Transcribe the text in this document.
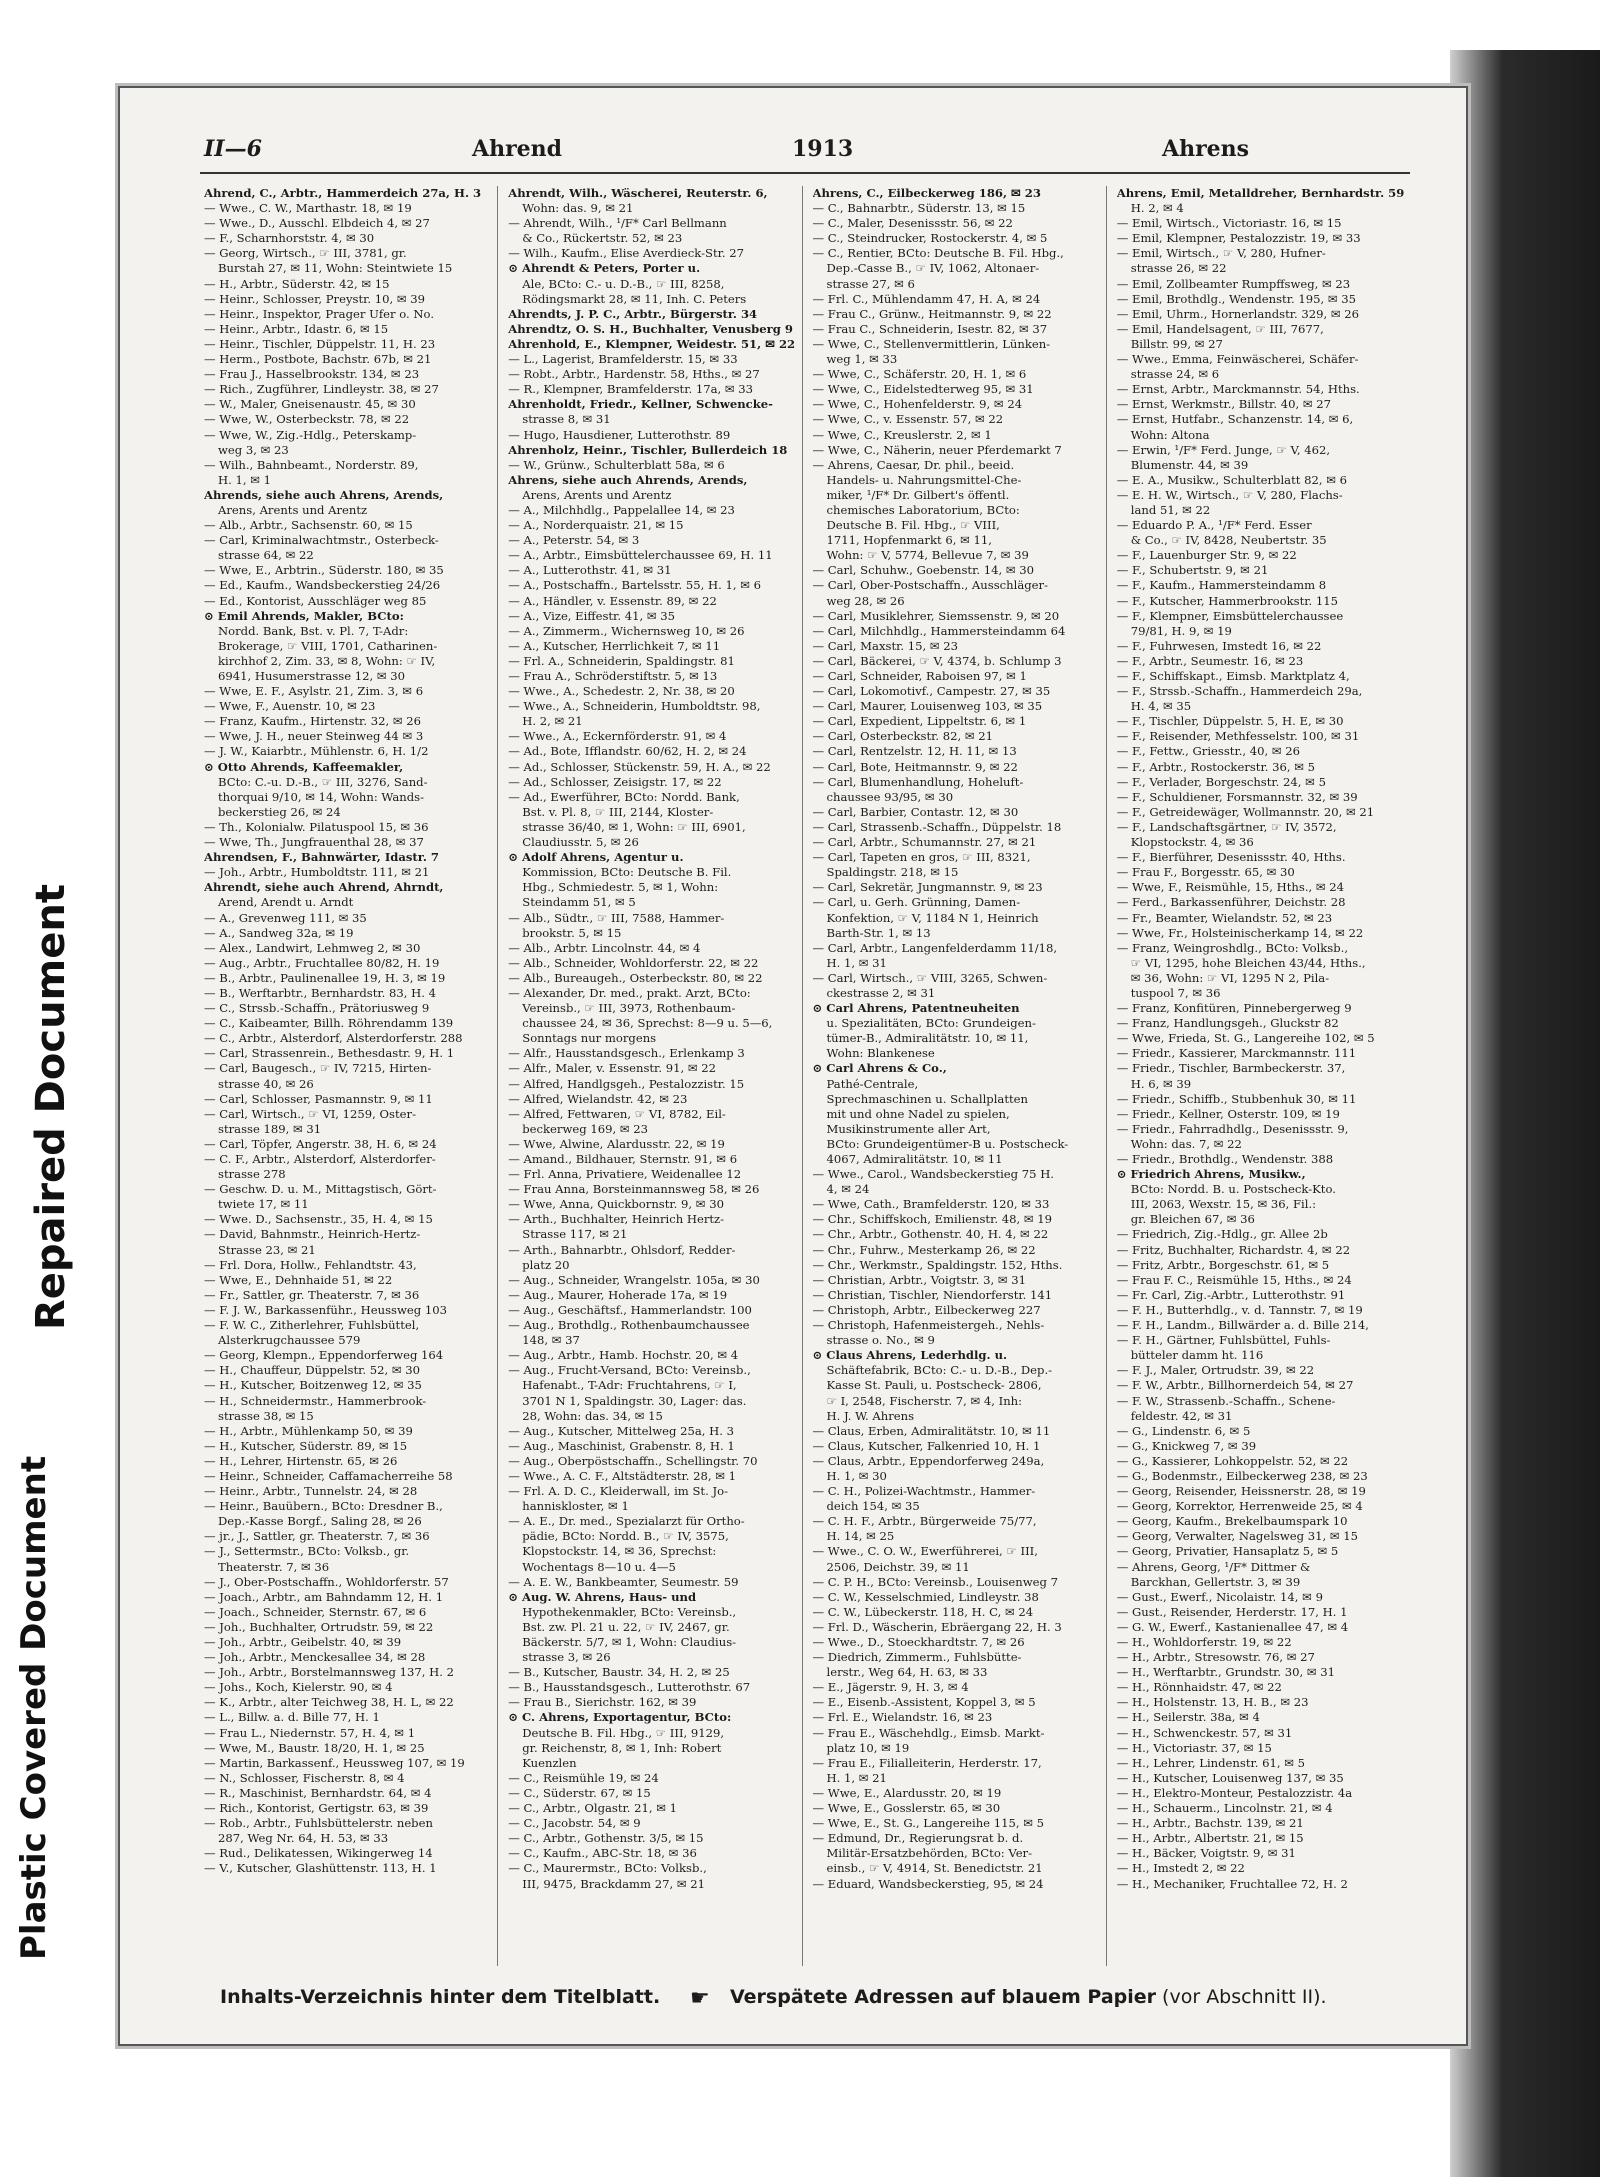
Repaired Document
Plastic Covered Document
II—6	Ahrend	1913	Ahrens
Ahrend, C., Arbtr., Hammerdeich 27a, H. 3
— Wwe., C. W., Marthastr. 18, ✉ 19
— Wwe., D., Ausschl. Elbdeich 4, ✉ 27
— F., Scharnhorststr. 4, ✉ 30
— Georg, Wirtsch., ☞ III, 3781, gr.
Burstah 27, ✉ 11, Wohn: Steintwiete 15
— H., Arbtr., Süderstr. 42, ✉ 15
— Heinr., Schlosser, Preystr. 10, ✉ 39
— Heinr., Inspektor, Prager Ufer o. No.
— Heinr., Arbtr., Idastr. 6, ✉ 15
— Heinr., Tischler, Düppelstr. 11, H. 23
— Herm., Postbote, Bachstr. 67b, ✉ 21
— Frau J., Hasselbrookstr. 134, ✉ 23
— Rich., Zugführer, Lindleystr. 38, ✉ 27
— W., Maler, Gneisenaustr. 45, ✉ 30
— Wwe, W., Osterbeckstr. 78, ✉ 22
— Wwe, W., Zig.-Hdlg., Peterskamp-
weg 3, ✉ 23
— Wilh., Bahnbeamt., Norderstr. 89,
H. 1, ✉ 1
Ahrends, siehe auch Ahrens, Arends,
Arens, Arents und Arentz
— Alb., Arbtr., Sachsenstr. 60, ✉ 15
— Carl, Kriminalwachtmstr., Osterbeck-
strasse 64, ✉ 22
— Wwe, E., Arbtrin., Süderstr. 180, ✉ 35
— Ed., Kaufm., Wandsbeckerstieg 24/26
— Ed., Kontorist, Ausschläger weg 85
⊙ Emil Ahrends, Makler, BCto:
Nordd. Bank, Bst. v. Pl. 7, T-Adr:
Brokerage, ☞ VIII, 1701, Catharinen-
kirchhof 2, Zim. 33, ✉ 8, Wohn: ☞ IV,
6941, Husumerstrasse 12, ✉ 30
— Wwe, E. F., Asylstr. 21, Zim. 3, ✉ 6
— Wwe, F., Auenstr. 10, ✉ 23
— Franz, Kaufm., Hirtenstr. 32, ✉ 26
— Wwe, J. H., neuer Steinweg 44 ✉ 3
— J. W., Kaiarbtr., Mühlenstr. 6, H. 1/2
⊙ Otto Ahrends, Kaffeemakler,
BCto: C.-u. D.-B., ☞ III, 3276, Sand-
thorquai 9/10, ✉ 14, Wohn: Wands-
beckerstieg 26, ✉ 24
— Th., Kolonialw. Pilatuspool 15, ✉ 36
— Wwe, Th., Jungfrauenthal 28, ✉ 37
Ahrendsen, F., Bahnwärter, Idastr. 7
— Joh., Arbtr., Humboldtstr. 111, ✉ 21
Ahrendt, siehe auch Ahrend, Ahrndt,
Arend, Arendt u. Arndt
— A., Grevenweg 111, ✉ 35
— A., Sandweg 32a, ✉ 19
— Alex., Landwirt, Lehmweg 2, ✉ 30
— Aug., Arbtr., Fruchtallee 80/82, H. 19
— B., Arbtr., Paulinenallee 19, H. 3, ✉ 19
— B., Werftarbtr., Bernhardstr. 83, H. 4
— C., Strssb.-Schaffn., Prätoriusweg 9
— C., Kaibeamter, Billh. Röhrendamm 139
— C., Arbtr., Alsterdorf, Alsterdorferstr. 288
— Carl, Strassenrein., Bethesdastr. 9, H. 1
— Carl, Baugesch., ☞ IV, 7215, Hirten-
strasse 40, ✉ 26
— Carl, Schlosser, Pasmannstr. 9, ✉ 11
— Carl, Wirtsch., ☞ VI, 1259, Oster-
strasse 189, ✉ 31
— Carl, Töpfer, Angerstr. 38, H. 6, ✉ 24
— C. F., Arbtr., Alsterdorf, Alsterdorfer-
strasse 278
— Geschw. D. u. M., Mittagstisch, Gört-
twiete 17, ✉ 11
— Wwe. D., Sachsenstr., 35, H. 4, ✉ 15
— David, Bahnmstr., Heinrich-Hertz-
Strasse 23, ✉ 21
— Frl. Dora, Hollw., Fehlandtstr. 43,
— Wwe, E., Dehnhaide 51, ✉ 22
— Fr., Sattler, gr. Theaterstr. 7, ✉ 36
— F. J. W., Barkassenführ., Heussweg 103
— F. W. C., Zitherlehrer, Fuhlsbüttel,
Alsterkrugchaussee 579
— Georg, Klempn., Eppendorferweg 164
— H., Chauffeur, Düppelstr. 52, ✉ 30
— H., Kutscher, Boitzenweg 12, ✉ 35
— H., Schneidermstr., Hammerbrook-
strasse 38, ✉ 15
— H., Arbtr., Mühlenkamp 50, ✉ 39
— H., Kutscher, Süderstr. 89, ✉ 15
— H., Lehrer, Hirtenstr. 65, ✉ 26
— Heinr., Schneider, Caffamacherreihe 58
— Heinr., Arbtr., Tunnelstr. 24, ✉ 28
— Heinr., Bauübern., BCto: Dresdner B.,
Dep.-Kasse Borgf., Saling 28, ✉ 26
— jr., J., Sattler, gr. Theaterstr. 7, ✉ 36
— J., Settermstr., BCto: Volksb., gr.
Theaterstr. 7, ✉ 36
— J., Ober-Postschaffn., Wohldorferstr. 57
— Joach., Arbtr., am Bahndamm 12, H. 1
— Joach., Schneider, Sternstr. 67, ✉ 6
— Joh., Buchhalter, Ortrudstr. 59, ✉ 22
— Joh., Arbtr., Geibelstr. 40, ✉ 39
— Joh., Arbtr., Menckesallee 34, ✉ 28
— Joh., Arbtr., Borstelmannsweg 137, H. 2
— Johs., Koch, Kielerstr. 90, ✉ 4
— K., Arbtr., alter Teichweg 38, H. L, ✉ 22
— L., Billw. a. d. Bille 77, H. 1
— Frau L., Niedernstr. 57, H. 4, ✉ 1
— Wwe, M., Baustr. 18/20, H. 1, ✉ 25
— Martin, Barkassenf., Heussweg 107, ✉ 19
— N., Schlosser, Fischerstr. 8, ✉ 4
— R., Maschinist, Bernhardstr. 64, ✉ 4
— Rich., Kontorist, Gertigstr. 63, ✉ 39
— Rob., Arbtr., Fuhlsbüttelerstr. neben
287, Weg Nr. 64, H. 53, ✉ 33
— Rud., Delikatessen, Wikingerweg 14
— V., Kutscher, Glashüttenstr. 113, H. 1
Ahrendt, Wilh., Wäscherei, Reuterstr. 6,
Wohn: das. 9, ✉ 21
— Ahrendt, Wilh., ¹/F* Carl Bellmann
& Co., Rückertstr. 52, ✉ 23
— Wilh., Kaufm., Elise Averdieck-Str. 27
⊙ Ahrendt & Peters, Porter u.
Ale, BCto: C.- u. D.-B., ☞ III, 8258,
Rödingsmarkt 28, ✉ 11, Inh. C. Peters
Ahrendts, J. P. C., Arbtr., Bürgerstr. 34
Ahrendtz, O. S. H., Buchhalter, Venusberg 9
Ahrenhold, E., Klempner, Weidestr. 51, ✉ 22
— L., Lagerist, Bramfelderstr. 15, ✉ 33
— Robt., Arbtr., Hardenstr. 58, Hths., ✉ 27
— R., Klempner, Bramfelderstr. 17a, ✉ 33
Ahrenholdt, Friedr., Kellner, Schwencke-
strasse 8, ✉ 31
— Hugo, Hausdiener, Lutterothstr. 89
Ahrenholz, Heinr., Tischler, Bullerdeich 18
— W., Grünw., Schulterblatt 58a, ✉ 6
Ahrens, siehe auch Ahrends, Arends,
Arens, Arents und Arentz
— A., Milchhdlg., Pappelallee 14, ✉ 23
— A., Norderquaistr. 21, ✉ 15
— A., Peterstr. 54, ✉ 3
— A., Arbtr., Eimsbüttelerchaussee 69, H. 11
— A., Lutterothstr. 41, ✉ 31
— A., Postschaffn., Bartelsstr. 55, H. 1, ✉ 6
— A., Händler, v. Essenstr. 89, ✉ 22
— A., Vize, Eiffestr. 41, ✉ 35
— A., Zimmerm., Wichernsweg 10, ✉ 26
— A., Kutscher, Herrlichkeit 7, ✉ 11
— Frl. A., Schneiderin, Spaldingstr. 81
— Frau A., Schröderstiftstr. 5, ✉ 13
— Wwe., A., Schedestr. 2, Nr. 38, ✉ 20
— Wwe., A., Schneiderin, Humboldtstr. 98,
H. 2, ✉ 21
— Wwe., A., Eckernförderstr. 91, ✉ 4
— Ad., Bote, Ifflandstr. 60/62, H. 2, ✉ 24
— Ad., Schlosser, Stückenstr. 59, H. A., ✉ 22
— Ad., Schlosser, Zeisigstr. 17, ✉ 22
— Ad., Ewerführer, BCto: Nordd. Bank,
Bst. v. Pl. 8, ☞ III, 2144, Kloster-
strasse 36/40, ✉ 1, Wohn: ☞ III, 6901,
Claudiusstr. 5, ✉ 26
⊙ Adolf Ahrens, Agentur u.
Kommission, BCto: Deutsche B. Fil.
Hbg., Schmiedestr. 5, ✉ 1, Wohn:
Steindamm 51, ✉ 5
— Alb., Südtr., ☞ III, 7588, Hammer-
brookstr. 5, ✉ 15
— Alb., Arbtr. Lincolnstr. 44, ✉ 4
— Alb., Schneider, Wohldorferstr. 22, ✉ 22
— Alb., Bureaugeh., Osterbeckstr. 80, ✉ 22
— Alexander, Dr. med., prakt. Arzt, BCto:
Vereinsb., ☞ III, 3973, Rothenbaum-
chaussee 24, ✉ 36, Sprechst: 8—9 u. 5—6,
Sonntags nur morgens
— Alfr., Hausstandsgesch., Erlenkamp 3
— Alfr., Maler, v. Essenstr. 91, ✉ 22
— Alfred, Handlgsgeh., Pestalozzistr. 15
— Alfred, Wielandstr. 42, ✉ 23
— Alfred, Fettwaren, ☞ VI, 8782, Eil-
beckerweg 169, ✉ 23
— Wwe, Alwine, Alardusstr. 22, ✉ 19
— Amand., Bildhauer, Sternstr. 91, ✉ 6
— Frl. Anna, Privatiere, Weidenallee 12
— Frau Anna, Borsteinmannsweg 58, ✉ 26
— Wwe, Anna, Quickbornstr. 9, ✉ 30
— Arth., Buchhalter, Heinrich Hertz-
Strasse 117, ✉ 21
— Arth., Bahnarbtr., Ohlsdorf, Redder-
platz 20
— Aug., Schneider, Wrangelstr. 105a, ✉ 30
— Aug., Maurer, Hoherade 17a, ✉ 19
— Aug., Geschäftsf., Hammerlandstr. 100
— Aug., Brothdlg., Rothenbaumchaussee
148, ✉ 37
— Aug., Arbtr., Hamb. Hochstr. 20, ✉ 4
— Aug., Frucht-Versand, BCto: Vereinsb.,
Hafenabt., T-Adr: Fruchtahrens, ☞ I,
3701 N 1, Spaldingstr. 30, Lager: das.
28, Wohn: das. 34, ✉ 15
— Aug., Kutscher, Mittelweg 25a, H. 3
— Aug., Maschinist, Grabenstr. 8, H. 1
— Aug., Oberpöstschaffn., Schellingstr. 70
— Wwe., A. C. F., Altstädterstr. 28, ✉ 1
— Frl. A. D. C., Kleiderwall, im St. Jo-
hanniskloster, ✉ 1
— A. E., Dr. med., Spezialarzt für Ortho-
pädie, BCto: Nordd. B., ☞ IV, 3575,
Klopstockstr. 14, ✉ 36, Sprechst:
Wochentags 8—10 u. 4—5
— A. E. W., Bankbeamter, Seumestr. 59
⊙ Aug. W. Ahrens, Haus- und
Hypothekenmakler, BCto: Vereinsb.,
Bst. zw. Pl. 21 u. 22, ☞ IV, 2467, gr.
Bäckerstr. 5/7, ✉ 1, Wohn: Claudius-
strasse 3, ✉ 26
— B., Kutscher, Baustr. 34, H. 2, ✉ 25
— B., Hausstandsgesch., Lutterothstr. 67
— Frau B., Sierichstr. 162, ✉ 39
⊙ C. Ahrens, Exportagentur, BCto:
Deutsche B. Fil. Hbg., ☞ III, 9129,
gr. Reichenstr, 8, ✉ 1, Inh: Robert
Kuenzlen
— C., Reismühle 19, ✉ 24
— C., Süderstr. 67, ✉ 15
— C., Arbtr., Olgastr. 21, ✉ 1
— C., Jacobstr. 54, ✉ 9
— C., Arbtr., Gothenstr. 3/5, ✉ 15
— C., Kaufm., ABC-Str. 18, ✉ 36
— C., Maurermstr., BCto: Volksb.,
III, 9475, Brackdamm 27, ✉ 21
Ahrens, C., Eilbeckerweg 186, ✉ 23
— C., Bahnarbtr., Süderstr. 13, ✉ 15
— C., Maler, Desenissstr. 56, ✉ 22
— C., Steindrucker, Rostockerstr. 4, ✉ 5
— C., Rentier, BCto: Deutsche B. Fil. Hbg.,
Dep.-Casse B., ☞ IV, 1062, Altonaer-
strasse 27, ✉ 6
— Frl. C., Mühlendamm 47, H. A, ✉ 24
— Frau C., Grünw., Heitmannstr. 9, ✉ 22
— Frau C., Schneiderin, Isestr. 82, ✉ 37
— Wwe, C., Stellenvermittlerin, Lünken-
weg 1, ✉ 33
— Wwe, C., Schäferstr. 20, H. 1, ✉ 6
— Wwe, C., Eidelstedterweg 95, ✉ 31
— Wwe, C., Hohenfelderstr. 9, ✉ 24
— Wwe, C., v. Essenstr. 57, ✉ 22
— Wwe, C., Kreuslerstr. 2, ✉ 1
— Wwe, C., Näherin, neuer Pferdemarkt 7
— Ahrens, Caesar, Dr. phil., beeid.
Handels- u. Nahrungsmittel-Che-
miker, ¹/F* Dr. Gilbert's öffentl.
chemisches Laboratorium, BCto:
Deutsche B. Fil. Hbg., ☞ VIII,
1711, Hopfenmarkt 6, ✉ 11,
Wohn: ☞ V, 5774, Bellevue 7, ✉ 39
— Carl, Schuhw., Goebenstr. 14, ✉ 30
— Carl, Ober-Postschaffn., Ausschläger-
weg 28, ✉ 26
— Carl, Musiklehrer, Siemssenstr. 9, ✉ 20
— Carl, Milchhdlg., Hammersteindamm 64
— Carl, Maxstr. 15, ✉ 23
— Carl, Bäckerei, ☞ V, 4374, b. Schlump 3
— Carl, Schneider, Raboisen 97, ✉ 1
— Carl, Lokomotivf., Campestr. 27, ✉ 35
— Carl, Maurer, Louisenweg 103, ✉ 35
— Carl, Expedient, Lippeltstr. 6, ✉ 1
— Carl, Osterbeckstr. 82, ✉ 21
— Carl, Rentzelstr. 12, H. 11, ✉ 13
— Carl, Bote, Heitmannstr. 9, ✉ 22
— Carl, Blumenhandlung, Hoheluft-
chaussee 93/95, ✉ 30
— Carl, Barbier, Contastr. 12, ✉ 30
— Carl, Strassenb.-Schaffn., Düppelstr. 18
— Carl, Arbtr., Schumannstr. 27, ✉ 21
— Carl, Tapeten en gros, ☞ III, 8321,
Spaldingstr. 218, ✉ 15
— Carl, Sekretär, Jungmannstr. 9, ✉ 23
— Carl, u. Gerh. Grünning, Damen-
Konfektion, ☞ V, 1184 N 1, Heinrich
Barth-Str. 1, ✉ 13
— Carl, Arbtr., Langenfelderdamm 11/18,
H. 1, ✉ 31
— Carl, Wirtsch., ☞ VIII, 3265, Schwen-
ckestrasse 2, ✉ 31
⊙ Carl Ahrens, Patentneuheiten
u. Spezialitäten, BCto: Grundeigen-
tümer-B., Admiralitätstr. 10, ✉ 11,
Wohn: Blankenese
⊙ Carl Ahrens & Co.,
Pathé-Centrale,
Sprechmaschinen u. Schallplatten
mit und ohne Nadel zu spielen,
Musikinstrumente aller Art,
BCto: Grundeigentümer-B u. Postscheck-
4067, Admiralitätstr. 10, ✉ 11
— Wwe., Carol., Wandsbeckerstieg 75 H.
4, ✉ 24
— Wwe, Cath., Bramfelderstr. 120, ✉ 33
— Chr., Schiffskoch, Emilienstr. 48, ✉ 19
— Chr., Arbtr., Gothenstr. 40, H. 4, ✉ 22
— Chr., Fuhrw., Mesterkamp 26, ✉ 22
— Chr., Werkmstr., Spaldingstr. 152, Hths.
— Christian, Arbtr., Voigtstr. 3, ✉ 31
— Christian, Tischler, Niendorferstr. 141
— Christoph, Arbtr., Eilbeckerweg 227
— Christoph, Hafenmeistergeh., Nehls-
strasse o. No., ✉ 9
⊙ Claus Ahrens, Lederhdlg. u.
Schäftefabrik, BCto: C.- u. D.-B., Dep.-
Kasse St. Pauli, u. Postscheck- 2806,
☞ I, 2548, Fischerstr. 7, ✉ 4, Inh:
H. J. W. Ahrens
— Claus, Erben, Admiralitätstr. 10, ✉ 11
— Claus, Kutscher, Falkenried 10, H. 1
— Claus, Arbtr., Eppendorferweg 249a,
H. 1, ✉ 30
— C. H., Polizei-Wachtmstr., Hammer-
deich 154, ✉ 35
— C. H. F., Arbtr., Bürgerweide 75/77,
H. 14, ✉ 25
— Wwe., C. O. W., Ewerführerei, ☞ III,
2506, Deichstr. 39, ✉ 11
— C. P. H., BCto: Vereinsb., Louisenweg 7
— C. W., Kesselschmied, Lindleystr. 38
— C. W., Lübeckerstr. 118, H. C, ✉ 24
— Frl. D., Wäscherin, Ebräergang 22, H. 3
— Wwe., D., Stoeckhardtstr. 7, ✉ 26
— Diedrich, Zimmerm., Fuhlsbütte-
lerstr., Weg 64, H. 63, ✉ 33
— E., Jägerstr. 9, H. 3, ✉ 4
— E., Eisenb.-Assistent, Koppel 3, ✉ 5
— Frl. E., Wielandstr. 16, ✉ 23
— Frau E., Wäschehdlg., Eimsb. Markt-
platz 10, ✉ 19
— Frau E., Filialleiterin, Herderstr. 17,
H. 1, ✉ 21
— Wwe, E., Alardusstr. 20, ✉ 19
— Wwe, E., Gosslerstr. 65, ✉ 30
— Wwe, E., St. G., Langereihe 115, ✉ 5
— Edmund, Dr., Regierungsrat b. d.
Militär-Ersatzbehörden, BCto: Ver-
einsb., ☞ V, 4914, St. Benedictstr. 21
— Eduard, Wandsbeckerstieg, 95, ✉ 24
Ahrens, Emil, Metalldreher, Bernhardstr. 59
H. 2, ✉ 4
— Emil, Wirtsch., Victoriastr. 16, ✉ 15
— Emil, Klempner, Pestalozzistr. 19, ✉ 33
— Emil, Wirtsch., ☞ V, 280, Hufner-
strasse 26, ✉ 22
— Emil, Zollbeamter Rumpffsweg, ✉ 23
— Emil, Brothdlg., Wendenstr. 195, ✉ 35
— Emil, Uhrm., Hornerlandstr. 329, ✉ 26
— Emil, Handelsagent, ☞ III, 7677,
Billstr. 99, ✉ 27
— Wwe., Emma, Feinwäscherei, Schäfer-
strasse 24, ✉ 6
— Ernst, Arbtr., Marckmannstr. 54, Hths.
— Ernst, Werkmstr., Billstr. 40, ✉ 27
— Ernst, Hutfabr., Schanzenstr. 14, ✉ 6,
Wohn: Altona
— Erwin, ¹/F* Ferd. Junge, ☞ V, 462,
Blumenstr. 44, ✉ 39
— E. A., Musikw., Schulterblatt 82, ✉ 6
— E. H. W., Wirtsch., ☞ V, 280, Flachs-
land 51, ✉ 22
— Eduardo P. A., ¹/F* Ferd. Esser
& Co., ☞ IV, 8428, Neubertstr. 35
— F., Lauenburger Str. 9, ✉ 22
— F., Schubertstr. 9, ✉ 21
— F., Kaufm., Hammersteindamm 8
— F., Kutscher, Hammerbrookstr. 115
— F., Klempner, Eimsbüttelerchaussee
79/81, H. 9, ✉ 19
— F., Fuhrwesen, Imstedt 16, ✉ 22
— F., Arbtr., Seumestr. 16, ✉ 23
— F., Schiffskapt., Eimsb. Marktplatz 4,
— F., Strssb.-Schaffn., Hammerdeich 29a,
H. 4, ✉ 35
— F., Tischler, Düppelstr. 5, H. E, ✉ 30
— F., Reisender, Methfesselstr. 100, ✉ 31
— F., Fettw., Griesstr., 40, ✉ 26
— F., Arbtr., Rostockerstr. 36, ✉ 5
— F., Verlader, Borgeschstr. 24, ✉ 5
— F., Schuldiener, Forsmannstr. 32, ✉ 39
— F., Getreidewäger, Wollmannstr. 20, ✉ 21
— F., Landschaftsgärtner, ☞ IV, 3572,
Klopstockstr. 4, ✉ 36
— F., Bierführer, Desenissstr. 40, Hths.
— Frau F., Borgesstr. 65, ✉ 30
— Wwe, F., Reismühle, 15, Hths., ✉ 24
— Ferd., Barkassenführer, Deichstr. 28
— Fr., Beamter, Wielandstr. 52, ✉ 23
— Wwe, Fr., Holsteinischerkamp 14, ✉ 22
— Franz, Weingroshdlg., BCto: Volksb.,
☞ VI, 1295, hohe Bleichen 43/44, Hths.,
✉ 36, Wohn: ☞ VI, 1295 N 2, Pila-
tuspool 7, ✉ 36
— Franz, Konfitüren, Pinnebergerweg 9
— Franz, Handlungsgeh., Gluckstr 82
— Wwe, Frieda, St. G., Langereihe 102, ✉ 5
— Friedr., Kassierer, Marckmannstr. 111
— Friedr., Tischler, Barmbeckerstr. 37,
H. 6, ✉ 39
— Friedr., Schiffb., Stubbenhuk 30, ✉ 11
— Friedr., Kellner, Osterstr. 109, ✉ 19
— Friedr., Fahrradhdlg., Desenissstr. 9,
Wohn: das. 7, ✉ 22
— Friedr., Brothdlg., Wendenstr. 388
⊙ Friedrich Ahrens, Musikw.,
BCto: Nordd. B. u. Postscheck-Kto.
III, 2063, Wexstr. 15, ✉ 36, Fil.:
gr. Bleichen 67, ✉ 36
— Friedrich, Zig.-Hdlg., gr. Allee 2b
— Fritz, Buchhalter, Richardstr. 4, ✉ 22
— Fritz, Arbtr., Borgeschstr. 61, ✉ 5
— Frau F. C., Reismühle 15, Hths., ✉ 24
— Fr. Carl, Zig.-Arbtr., Lutterothstr. 91
— F. H., Butterhdlg., v. d. Tannstr. 7, ✉ 19
— F. H., Landm., Billwärder a. d. Bille 214,
— F. H., Gärtner, Fuhlsbüttel, Fuhls-
bütteler damm ht. 116
— F. J., Maler, Ortrudstr. 39, ✉ 22
— F. W., Arbtr., Billhornerdeich 54, ✉ 27
— F. W., Strassenb.-Schaffn., Schene-
feldestr. 42, ✉ 31
— G., Lindenstr. 6, ✉ 5
— G., Knickweg 7, ✉ 39
— G., Kassierer, Lohkoppelstr. 52, ✉ 22
— G., Bodenmstr., Eilbeckerweg 238, ✉ 23
— Georg, Reisender, Heissnerstr. 28, ✉ 19
— Georg, Korrektor, Herrenweide 25, ✉ 4
— Georg, Kaufm., Brekelbaumspark 10
— Georg, Verwalter, Nagelsweg 31, ✉ 15
— Georg, Privatier, Hansaplatz 5, ✉ 5
— Ahrens, Georg, ¹/F* Dittmer &
Barckhan, Gellertstr. 3, ✉ 39
— Gust., Ewerf., Nicolaistr. 14, ✉ 9
— Gust., Reisender, Herderstr. 17, H. 1
— G. W., Ewerf., Kastanienallee 47, ✉ 4
— H., Wohldorferstr. 19, ✉ 22
— H., Arbtr., Stresowstr. 76, ✉ 27
— H., Werftarbtr., Grundstr. 30, ✉ 31
— H., Rönnhaidstr. 47, ✉ 22
— H., Holstenstr. 13, H. B., ✉ 23
— H., Seilerstr. 38a, ✉ 4
— H., Schwenckestr. 57, ✉ 31
— H., Victoriastr. 37, ✉ 15
— H., Lehrer, Lindenstr. 61, ✉ 5
— H., Kutscher, Louisenweg 137, ✉ 35
— H., Elektro-Monteur, Pestalozzistr. 4a
— H., Schauerm., Lincolnstr. 21, ✉ 4
— H., Arbtr., Bachstr. 139, ✉ 21
— H., Arbtr., Albertstr. 21, ✉ 15
— H., Bäcker, Voigtstr. 9, ✉ 31
— H., Imstedt 2, ✉ 22
— H., Mechaniker, Fruchtallee 72, H. 2
Inhalts-Verzeichnis hinter dem Titelblatt. ☛ Verspätete Adressen auf blauem Papier (vor Abschnitt II).
